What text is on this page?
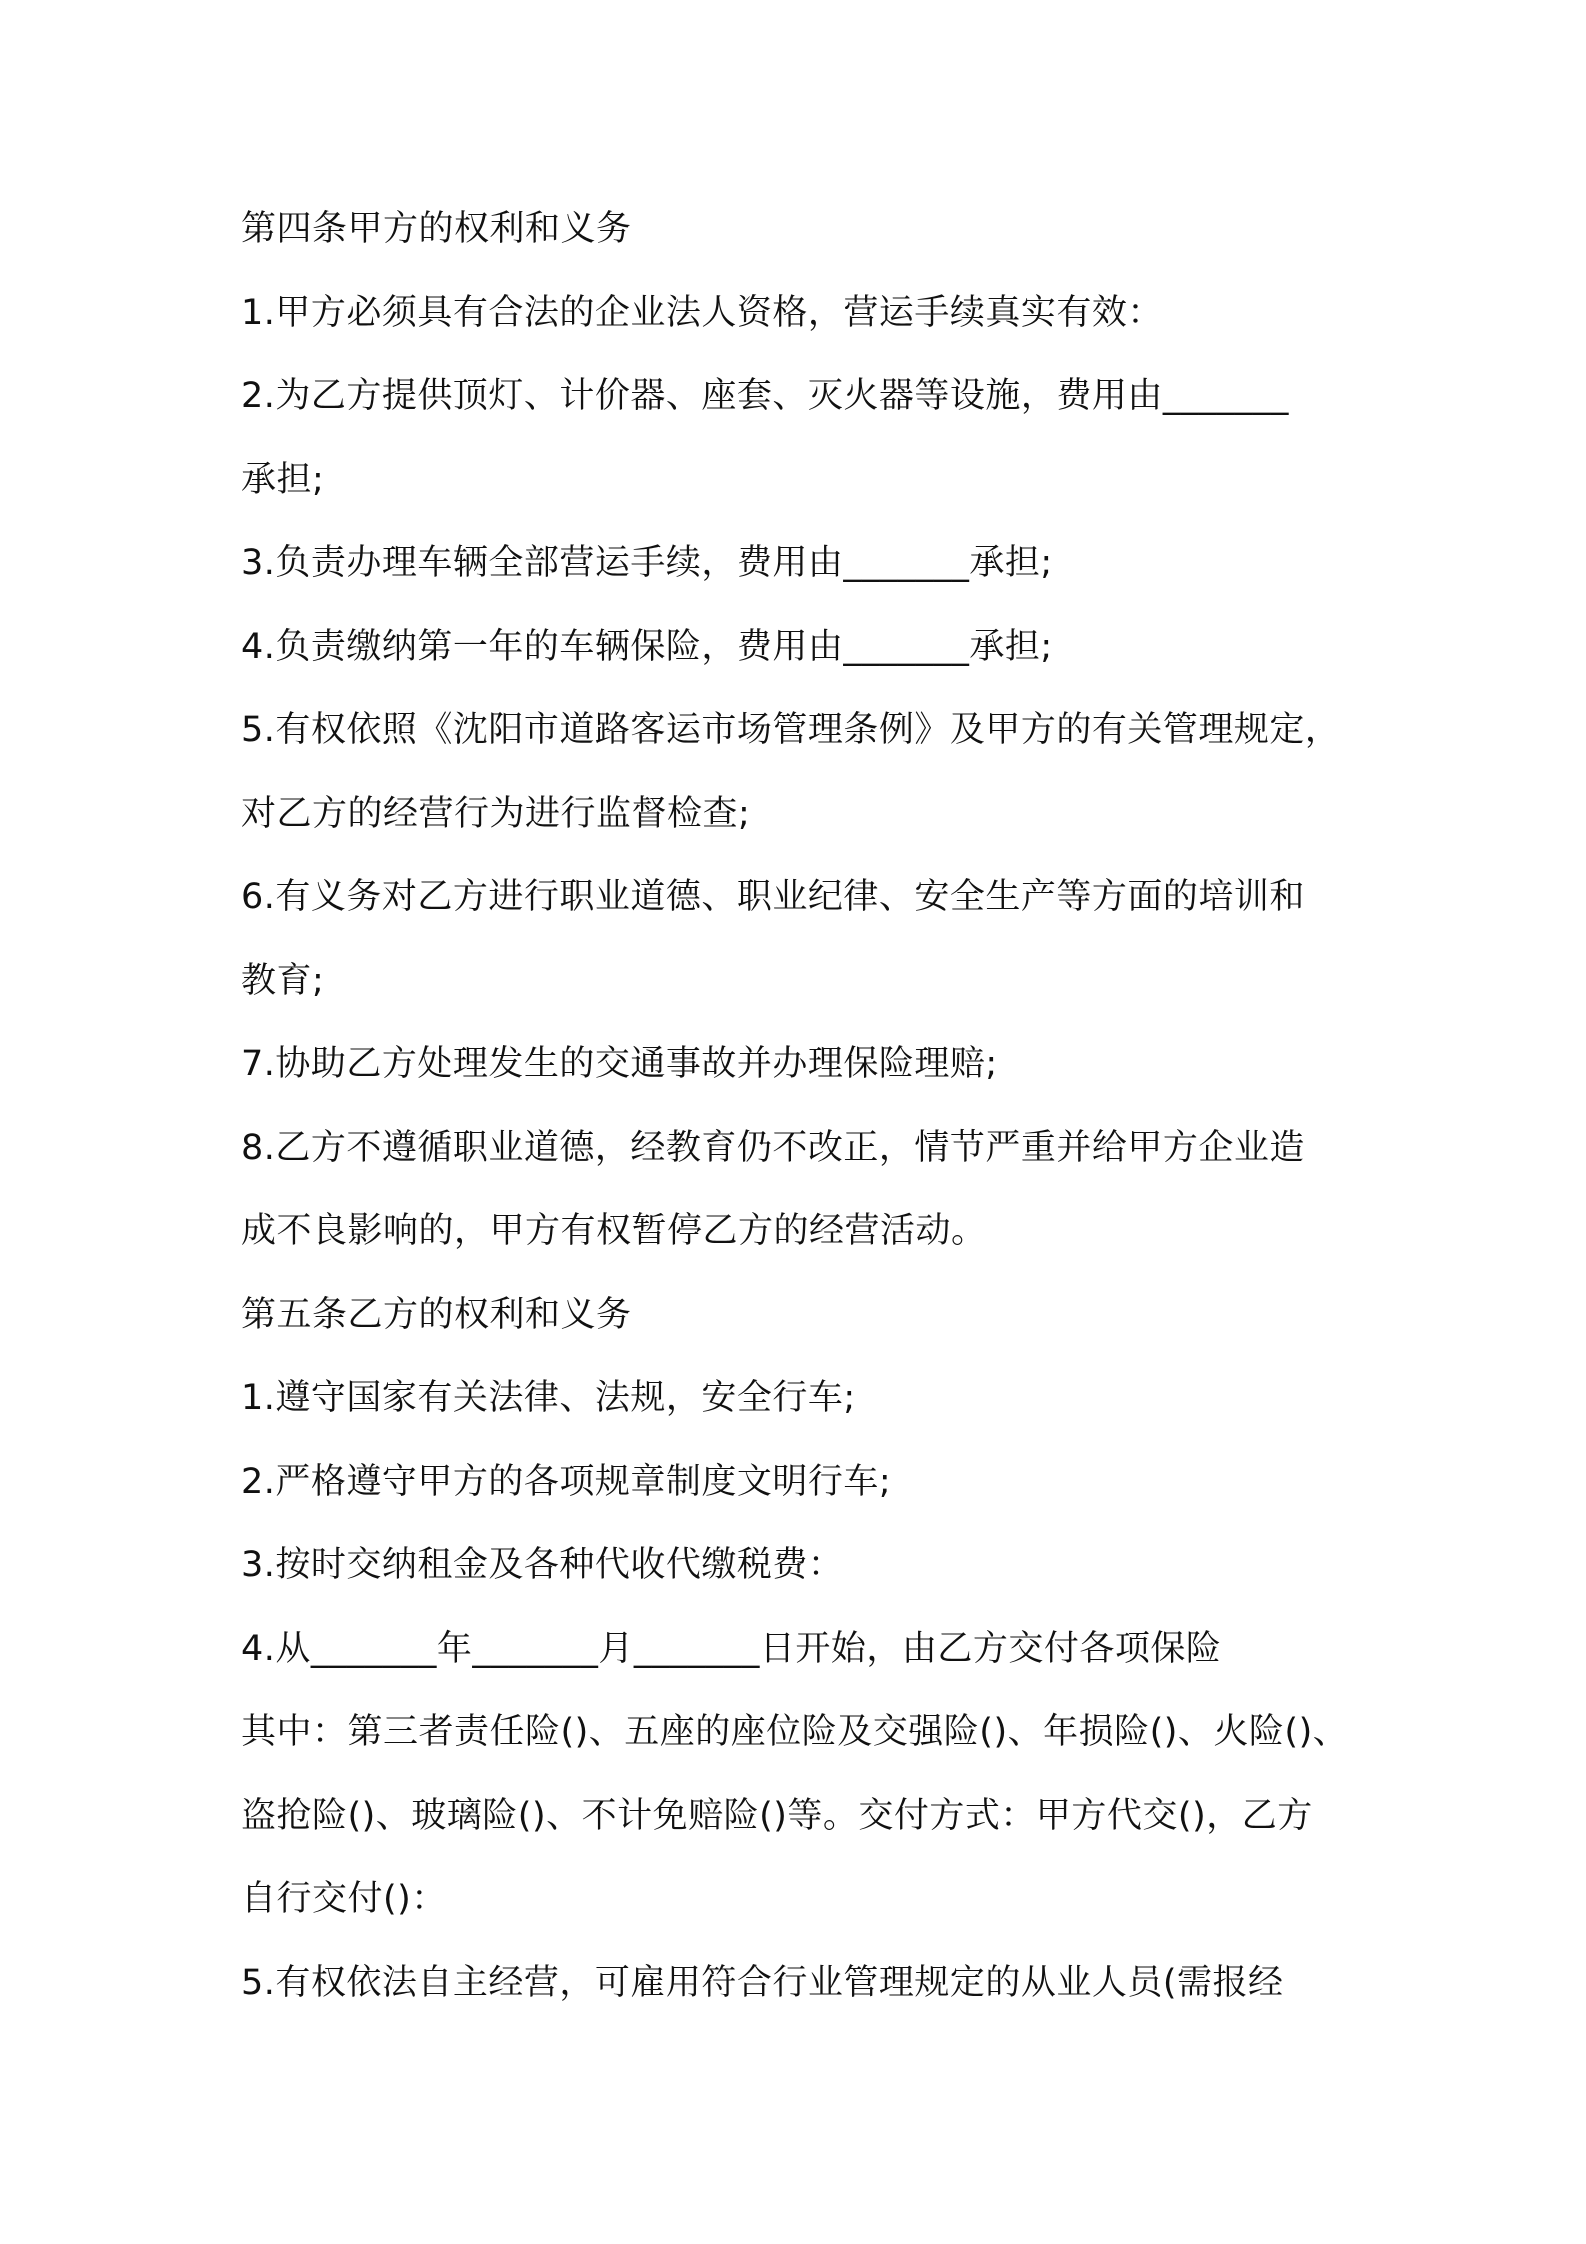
第四条甲方的权利和义务

1.甲方必须具有合法的企业法人资格，营运手续真实有效：

2.为乙方提供顶灯、计价器、座套、灭火器等设施，费用由_______

承担;

3.负责办理车辆全部营运手续，费用由_______承担;

4.负责缴纳第一年的车辆保险，费用由_______承担;

5.有权依照《沈阳市道路客运市场管理条例》及甲方的有关管理规定，

对乙方的经营行为进行监督检查;

6.有义务对乙方进行职业道德、职业纪律、安全生产等方面的培训和

教育;

7.协助乙方处理发生的交通事故并办理保险理赔;

8.乙方不遵循职业道德，经教育仍不改正，情节严重并给甲方企业造

成不良影响的，甲方有权暂停乙方的经营活动。

第五条乙方的权利和义务

1.遵守国家有关法律、法规，安全行车;

2.严格遵守甲方的各项规章制度文明行车;

3.按时交纳租金及各种代收代缴税费：

4.从_______年_______月_______日开始，由乙方交付各项保险

其中：第三者责任险()、五座的座位险及交强险()、年损险()、火险()、

盗抢险()、玻璃险()、不计免赔险()等。交付方式：甲方代交()，乙方

自行交付()：

5.有权依法自主经营，可雇用符合行业管理规定的从业人员(需报经
